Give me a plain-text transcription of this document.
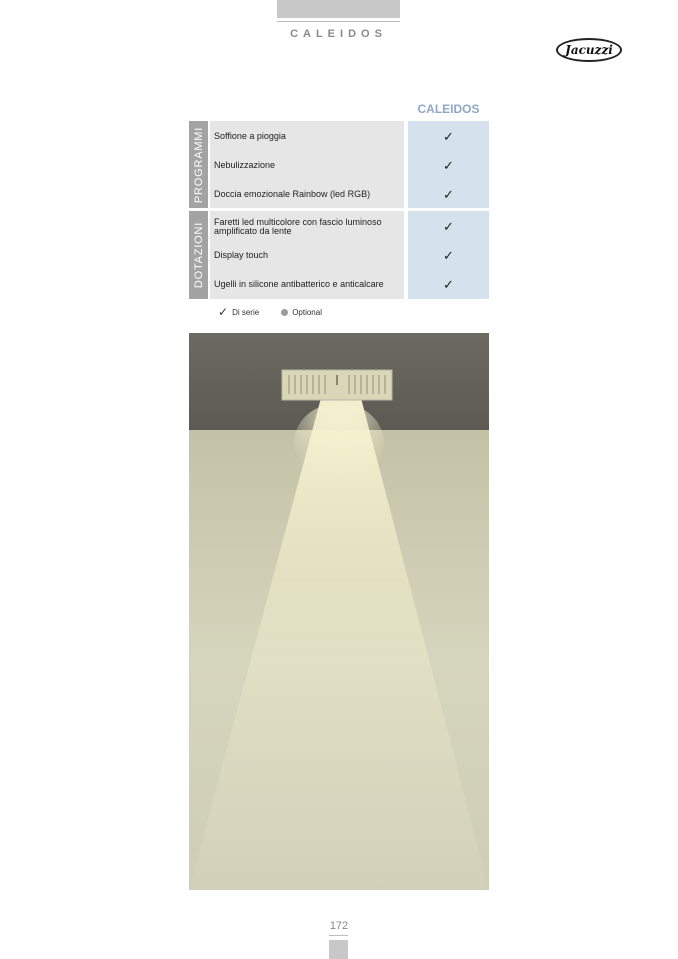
CALEIDOS
Jacuzzi
CALEIDOS
PROGRAMMI Soffione a pioggia	✓
Nebulizzazione	✓
Doccia emozionale Rainbow (led RGB)	✓
DOTAZIONI
Faretti led multicolore con fascio luminoso amplificato da lente	✓
Display touch	✓
Ugelli in silicone antibatterico e anticalcare	✓
✓ Di serie	Optional
172
